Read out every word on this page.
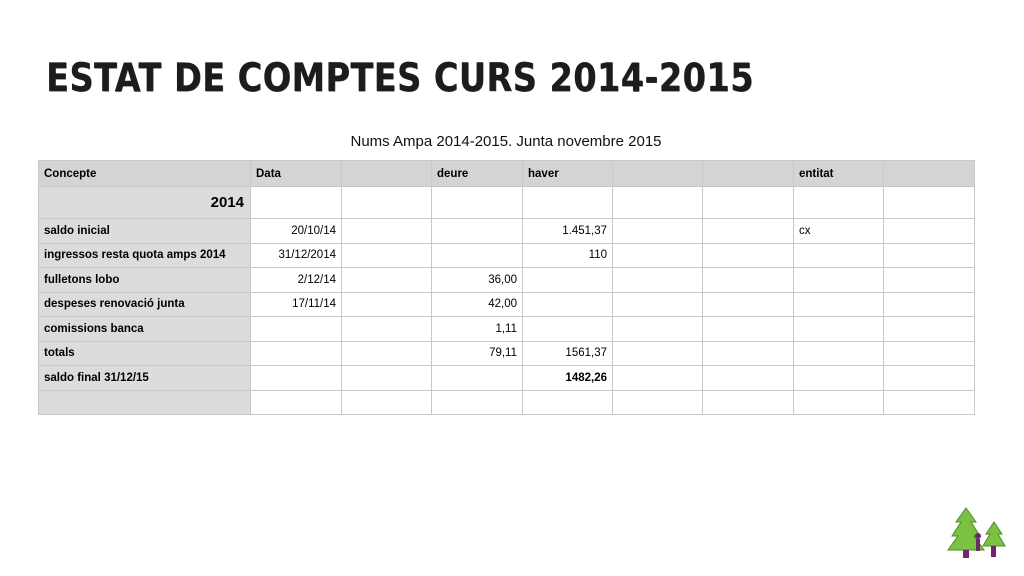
ESTAT DE COMPTES CURS 2014-2015
Nums Ampa 2014-2015. Junta novembre 2015
Concepte	Data		deure	haver			entitat	
2014								
saldo inicial	20/10/14			1.451,37			cx	
ingressos resta quota amps 2014	31/12/2014			110				
fulletons lobo	2/12/14		36,00					
despeses renovació junta	17/11/14		42,00					
comissions banca			1,11					
totals			79,11	1561,37				
saldo final 31/12/15				1482,26				
